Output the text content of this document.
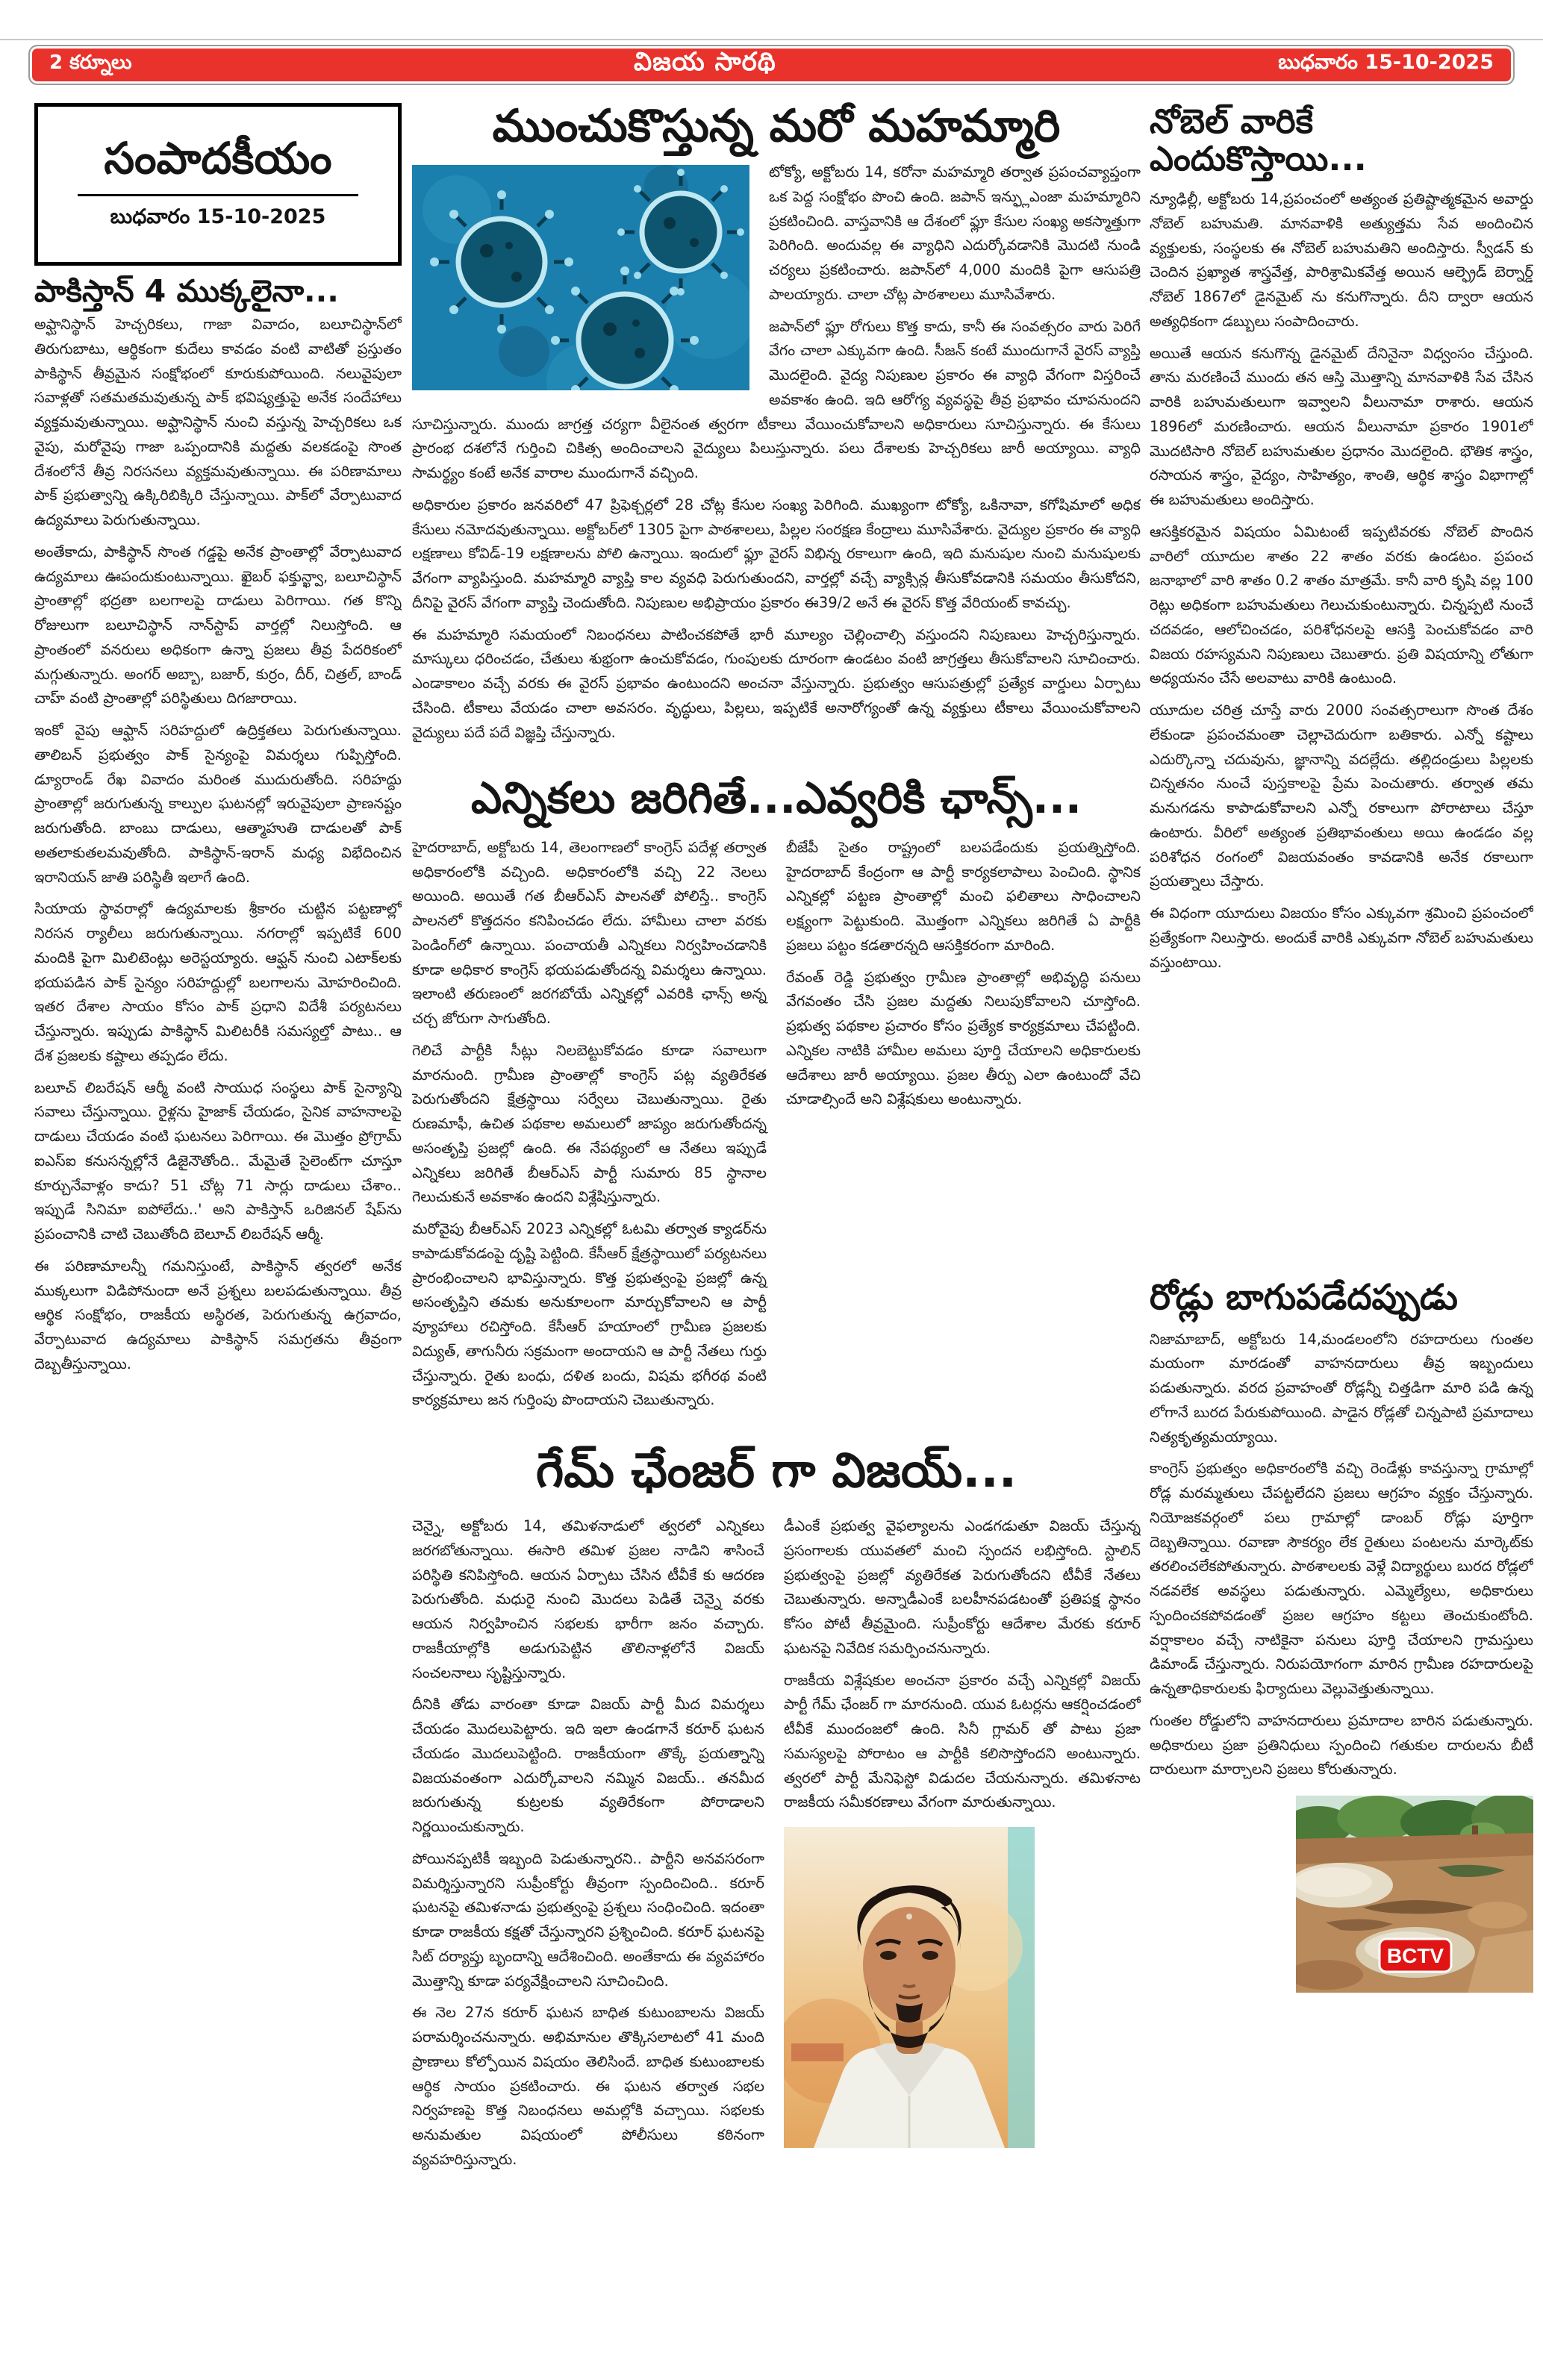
2 కర్నూలు	విజయ సారథి	బుధవారం 15-10-2025
సంపాదకీయం
బుధవారం 15-10-2025
పాకిస్తాన్ 4 ముక్కలైనా...

అఫ్ఘానిస్థాన్ హెచ్చరికలు, గాజా వివాదం, బలూచిస్థాన్‌లో తిరుగుబాటు, ఆర్థికంగా కుదేలు కావడం వంటి వాటితో ప్రస్తుతం పాకిస్థాన్ తీవ్రమైన సంక్షోభంలో కూరుకుపోయింది. నలువైపులా సవాళ్లతో సతమతమవుతున్న పాక్ భవిష్యత్తుపై అనేక సందేహాలు వ్యక్తమవుతున్నాయి. అఫ్ఘానిస్థాన్ నుంచి వస్తున్న హెచ్చరికలు ఒక వైపు, మరోవైపు గాజా ఒప్పందానికి మద్దతు వలకడంపై సొంత దేశంలోనే తీవ్ర నిరసనలు వ్యక్తమవుతున్నాయి. ఈ పరిణామాలు పాక్ ప్రభుత్వాన్ని ఉక్కిరిబిక్కిరి చేస్తున్నాయి. పాక్‌లో వేర్పాటువాద ఉద్యమాలు పెరుగుతున్నాయి.

అంతేకాదు, పాకిస్థాన్ సొంత గడ్డపై అనేక ప్రాంతాల్లో వేర్పాటువాద ఉద్యమాలు ఊపందుకుంటున్నాయి. ఖైబర్ ఫక్తున్ఖ్వా, బలూచిస్థాన్ ప్రాంతాల్లో భద్రతా బలగాలపై దాడులు పెరిగాయి. గత కొన్ని రోజులుగా బలూచిస్థాన్ నాన్‌స్టాప్ వార్తల్లో నిలుస్తోంది. ఆ ప్రాంతంలో వనరులు అధికంగా ఉన్నా ప్రజలు తీవ్ర పేదరికంలో మగ్గుతున్నారు. అంగర్ అబ్బా, బజార్, కుర్రం, దీర్, చిత్రల్, బాండ్ చాహ్ వంటి ప్రాంతాల్లో పరిస్థితులు దిగజారాయి.

ఇంకో వైపు ఆఫ్ఘాన్ సరిహద్దులో ఉద్రిక్తతలు పెరుగుతున్నాయి. తాలిబన్ ప్రభుత్వం పాక్ సైన్యంపై విమర్శలు గుప్పిస్తోంది. డ్యూరాండ్ రేఖ వివాదం మరింత ముదురుతోంది. సరిహద్దు ప్రాంతాల్లో జరుగుతున్న కాల్పుల ఘటనల్లో ఇరువైపులా ప్రాణనష్టం జరుగుతోంది. బాంబు దాడులు, ఆత్మాహుతి దాడులతో పాక్ అతలాకుతలమవుతోంది. పాకిస్థాన్-ఇరాన్ మధ్య విభేదించిన ఇరానియన్ జాతి పరిస్థితీ ఇలాగే ఉంది.

సియాయ స్థావరాల్లో ఉద్యమాలకు శ్రీకారం చుట్టిన పట్టణాల్లో నిరసన ర్యాలీలు జరుగుతున్నాయి. నగరాల్లో ఇప్పటికే 600 మందికి పైగా మిలిటెంట్లు అరెస్టయ్యారు. ఆఫ్ఘన్ నుంచి ఎటాక్‌లకు భయపడిన పాక్ సైన్యం సరిహద్దుల్లో బలగాలను మోహరించింది. ఇతర దేశాల సాయం కోసం పాక్ ప్రధాని విదేశీ పర్యటనలు చేస్తున్నారు. ఇప్పుడు పాకిస్థాన్ మిలిటరీకి సమస్యల్తో పాటు.. ఆ దేశ ప్రజలకు కష్టాలు తప్పడం లేదు.

బలూచ్ లిబరేషన్ ఆర్మీ వంటి సాయుధ సంస్థలు పాక్ సైన్యాన్ని సవాలు చేస్తున్నాయి. రైళ్లను హైజాక్ చేయడం, సైనిక వాహనాలపై దాడులు చేయడం వంటి ఘటనలు పెరిగాయి. ఈ మొత్తం ప్రోగ్రామ్ ఐఎస్ఐ కనుసన్నల్లోనే డిజైనౌతోంది.. మేమైతే సైలెంట్‌గా చూస్తూ కూర్చునేవాళ్లం కాదు? 51 చోట్ల 71 సార్లు దాడులు చేశాం.. ఇప్పుడే సినిమా ఐపోలేదు..' అని పాకిస్తాన్ ఒరిజినల్ షేప్‌ను ప్రపంచానికి చాటి చెబుతోంది బెలూచ్ లిబరేషన్ ఆర్మీ.

ఈ పరిణామాలన్నీ గమనిస్తుంటే, పాకిస్థాన్ త్వరలో అనేక ముక్కలుగా విడిపోనుందా అనే ప్రశ్నలు బలపడుతున్నాయి. తీవ్ర ఆర్థిక సంక్షోభం, రాజకీయ అస్థిరత, పెరుగుతున్న ఉగ్రవాదం, వేర్పాటువాద ఉద్యమాలు పాకిస్థాన్ సమగ్రతను తీవ్రంగా దెబ్బతీస్తున్నాయి.

ముంచుకొస్తున్న మరో మహమ్మారి

టోక్యో, అక్టోబరు 14, కరోనా మహమ్మారి తర్వాత ప్రపంచవ్యాప్తంగా ఒక పెద్ద సంక్షోభం పొంచి ఉంది. జపాన్ ఇన్ఫ్లుఎంజా మహమ్మారిని ప్రకటించింది. వాస్తవానికి ఆ దేశంలో ఫ్లూ కేసుల సంఖ్య అకస్మాత్తుగా పెరిగింది. అందువల్ల ఈ వ్యాధిని ఎదుర్కోవడానికి మొదటి నుండి చర్యలు ప్రకటించారు. జపాన్‌లో 4,000 మందికి పైగా ఆసుపత్రి పాలయ్యారు. చాలా చోట్ల పాఠశాలలు మూసివేశారు.

జపాన్‌లో ఫ్లూ రోగులు కొత్త కాదు, కానీ ఈ సంవత్సరం వారు పెరిగే వేగం చాలా ఎక్కువగా ఉంది. సీజన్ కంటే ముందుగానే వైరస్ వ్యాప్తి మొదలైంది. వైద్య నిపుణుల ప్రకారం ఈ వ్యాధి వేగంగా విస్తరించే అవకాశం ఉంది. ఇది ఆరోగ్య వ్యవస్థపై తీవ్ర ప్రభావం చూపనుందని సూచిస్తున్నారు. ముందు జాగ్రత్త చర్యగా వీలైనంత త్వరగా టీకాలు వేయించుకోవాలని అధికారులు సూచిస్తున్నారు. ఈ కేసులు ప్రారంభ దశలోనే గుర్తించి చికిత్స అందించాలని వైద్యులు పిలుస్తున్నారు. పలు దేశాలకు హెచ్చరికలు జారీ అయ్యాయి. వ్యాధి సామర్థ్యం కంటే అనేక వారాల ముందుగానే వచ్చింది.

అధికారుల ప్రకారం జనవరిలో 47 ప్రిఫెక్చర్లలో 28 చోట్ల కేసుల సంఖ్య పెరిగింది. ముఖ్యంగా టోక్యో, ఒకినావా, కగోషిమాలో అధిక కేసులు నమోదవుతున్నాయి. అక్టోబర్‌లో 1305 పైగా పాఠశాలలు, పిల్లల సంరక్షణ కేంద్రాలు మూసివేశారు. వైద్యుల ప్రకారం ఈ వ్యాధి లక్షణాలు కోవిడ్-19 లక్షణాలను పోలి ఉన్నాయి. ఇందులో ఫ్లూ వైరస్ విభిన్న రకాలుగా ఉంది, ఇది మనుషుల నుంచి మనుషులకు వేగంగా వ్యాపిస్తుంది. మహమ్మారి వ్యాప్తి కాల వ్యవధి పెరుగుతుందని, వార్తల్లో వచ్చే వ్యాక్సిన్ల తీసుకోవడానికి సమయం తీసుకోదని, దీనిపై వైరస్ వేగంగా వ్యాప్తి చెందుతోంది. నిపుణుల అభిప్రాయం ప్రకారం ఈ39/2 అనే ఈ వైరస్ కొత్త వేరియంట్ కావచ్చు.

ఈ మహమ్మారి సమయంలో నిబంధనలు పాటించకపోతే భారీ మూల్యం చెల్లించాల్సి వస్తుందని నిపుణులు హెచ్చరిస్తున్నారు. మాస్కులు ధరించడం, చేతులు శుభ్రంగా ఉంచుకోవడం, గుంపులకు దూరంగా ఉండటం వంటి జాగ్రత్తలు తీసుకోవాలని సూచించారు. ఎండాకాలం వచ్చే వరకు ఈ వైరస్ ప్రభావం ఉంటుందని అంచనా వేస్తున్నారు. ప్రభుత్వం ఆసుపత్రుల్లో ప్రత్యేక వార్డులు ఏర్పాటు చేసింది. టీకాలు వేయడం చాలా అవసరం. వృద్ధులు, పిల్లలు, ఇప్పటికే అనారోగ్యంతో ఉన్న వ్యక్తులు టీకాలు వేయించుకోవాలని వైద్యులు పదే పదే విజ్ఞప్తి చేస్తున్నారు.

ఎన్నికలు జరిగితే...ఎవ్వరికి ఛాన్స్...

హైదరాబాద్, అక్టోబరు 14, తెలంగాణలో కాంగ్రెస్ పదేళ్ల తర్వాత అధికారంలోకి వచ్చింది. అధికారంలోకి వచ్చి 22 నెలలు అయింది. అయితే గత బీఆర్ఎస్ పాలనతో పోలిస్తే.. కాంగ్రెస్ పాలనలో కొత్తదనం కనిపించడం లేదు. హామీలు చాలా వరకు పెండింగ్‌లో ఉన్నాయి. పంచాయతీ ఎన్నికలు నిర్వహించడానికి కూడా అధికార కాంగ్రెస్ భయపడుతోందన్న విమర్శలు ఉన్నాయి. ఇలాంటి తరుణంలో జరగబోయే ఎన్నికల్లో ఎవరికి ఛాన్స్ అన్న చర్చ జోరుగా సాగుతోంది.

గెలిచే పార్టీకి సీట్లు నిలబెట్టుకోవడం కూడా సవాలుగా మారనుంది. గ్రామీణ ప్రాంతాల్లో కాంగ్రెస్ పట్ల వ్యతిరేకత పెరుగుతోందని క్షేత్రస్థాయి సర్వేలు చెబుతున్నాయి. రైతు రుణమాఫీ, ఉచిత పథకాల అమలులో జాప్యం జరుగుతోందన్న అసంతృప్తి ప్రజల్లో ఉంది. ఈ నేపథ్యంలో ఆ నేతలు ఇప్పుడే ఎన్నికలు జరిగితే బీఆర్ఎస్ పార్టీ సుమారు 85 స్థానాల గెలుచుకునే అవకాశం ఉందని విశ్లేషిస్తున్నారు.

మరోవైపు బీఆర్ఎస్ 2023 ఎన్నికల్లో ఓటమి తర్వాత క్యాడర్‌ను కాపాడుకోవడంపై దృష్టి పెట్టింది. కేసీఆర్ క్షేత్రస్థాయిలో పర్యటనలు ప్రారంభించాలని భావిస్తున్నారు. కొత్త ప్రభుత్వంపై ప్రజల్లో ఉన్న అసంతృప్తిని తమకు అనుకూలంగా మార్చుకోవాలని ఆ పార్టీ వ్యూహాలు రచిస్తోంది. కేసీఆర్ హయాంలో గ్రామీణ ప్రజలకు విద్యుత్, తాగునీరు సక్రమంగా అందాయని ఆ పార్టీ నేతలు గుర్తు చేస్తున్నారు. రైతు బంధు, దళిత బందు, విషమ భగీరథ వంటి కార్యక్రమాలు జన గుర్తింపు పొందాయని చెబుతున్నారు.

బీజేపీ సైతం రాష్ట్రంలో బలపడేందుకు ప్రయత్నిస్తోంది. హైదరాబాద్ కేంద్రంగా ఆ పార్టీ కార్యకలాపాలు పెంచింది. స్థానిక ఎన్నికల్లో పట్టణ ప్రాంతాల్లో మంచి ఫలితాలు సాధించాలని లక్ష్యంగా పెట్టుకుంది. మొత్తంగా ఎన్నికలు జరిగితే ఏ పార్టీకి ప్రజలు పట్టం కడతారన్నది ఆసక్తికరంగా మారింది.

రేవంత్ రెడ్డి ప్రభుత్వం గ్రామీణ ప్రాంతాల్లో అభివృద్ధి పనులు వేగవంతం చేసి ప్రజల మద్దతు నిలుపుకోవాలని చూస్తోంది. ప్రభుత్వ పథకాల ప్రచారం కోసం ప్రత్యేక కార్యక్రమాలు చేపట్టింది. ఎన్నికల నాటికి హామీల అమలు పూర్తి చేయాలని అధికారులకు ఆదేశాలు జారీ అయ్యాయి. ప్రజల తీర్పు ఎలా ఉంటుందో వేచి చూడాల్సిందే అని విశ్లేషకులు అంటున్నారు.

గేమ్ ఛేంజర్ గా విజయ్...

చెన్నై, అక్టోబరు 14, తమిళనాడులో త్వరలో ఎన్నికలు జరగబోతున్నాయి. ఈసారి తమిళ ప్రజల నాడిని శాసించే పరిస్థితి కనిపిస్తోంది. ఆయన ఏర్పాటు చేసిన టీవీకే కు ఆదరణ పెరుగుతోంది. మధురై నుంచి మొదలు పెడితే చెన్నై వరకు ఆయన నిర్వహించిన సభలకు భారీగా జనం వచ్చారు. రాజకీయాల్లోకి అడుగుపెట్టిన తొలినాళ్లలోనే విజయ్ సంచలనాలు సృష్టిస్తున్నారు.

దీనికి తోడు వారంతా కూడా విజయ్ పార్టీ మీద విమర్శలు చేయడం మొదలుపెట్టారు. ఇది ఇలా ఉండగానే కరూర్ ఘటన చేయడం మొదలుపెట్టింది. రాజకీయంగా తొక్కే ప్రయత్నాన్ని విజయవంతంగా ఎదుర్కోవాలని నమ్మిన విజయ్.. తనమీద జరుగుతున్న కుట్రలకు వ్యతిరేకంగా పోరాడాలని నిర్ణయించుకున్నారు.

పోయినప్పటికీ ఇబ్బంది పెడుతున్నారని.. పార్టీని అనవసరంగా విమర్శిస్తున్నారని సుప్రీంకోర్టు తీవ్రంగా స్పందించింది.. కరూర్ ఘటనపై తమిళనాడు ప్రభుత్వంపై ప్రశ్నలు సంధించింది. ఇదంతా కూడా రాజకీయ కక్షతో చేస్తున్నారని ప్రశ్నించింది. కరూర్ ఘటనపై సిట్ దర్యాప్తు బృందాన్ని ఆదేశించింది. అంతేకాదు ఈ వ్యవహారం మొత్తాన్ని కూడా పర్యవేక్షించాలని సూచించింది.

ఈ నెల 27న కరూర్ ఘటన బాధిత కుటుంబాలను విజయ్ పరామర్శించనున్నారు. అభిమానుల తొక్కిసలాటలో 41 మంది ప్రాణాలు కోల్పోయిన విషయం తెలిసిందే. బాధిత కుటుంబాలకు ఆర్థిక సాయం ప్రకటించారు. ఈ ఘటన తర్వాత సభల నిర్వహణపై కొత్త నిబంధనలు అమల్లోకి వచ్చాయి. సభలకు అనుమతుల విషయంలో పోలీసులు కఠినంగా వ్యవహరిస్తున్నారు.

డీఎంకే ప్రభుత్వ వైఫల్యాలను ఎండగడుతూ విజయ్ చేస్తున్న ప్రసంగాలకు యువతలో మంచి స్పందన లభిస్తోంది. స్టాలిన్ ప్రభుత్వంపై ప్రజల్లో వ్యతిరేకత పెరుగుతోందని టీవీకే నేతలు చెబుతున్నారు. అన్నాడీఎంకే బలహీనపడటంతో ప్రతిపక్ష స్థానం కోసం పోటీ తీవ్రమైంది. సుప్రీంకోర్టు ఆదేశాల మేరకు కరూర్ ఘటనపై నివేదిక సమర్పించనున్నారు.

రాజకీయ విశ్లేషకుల అంచనా ప్రకారం వచ్చే ఎన్నికల్లో విజయ్ పార్టీ గేమ్ ఛేంజర్ గా మారనుంది. యువ ఓటర్లను ఆకర్షించడంలో టీవీకే ముందంజలో ఉంది. సినీ గ్లామర్ తో పాటు ప్రజా సమస్యలపై పోరాటం ఆ పార్టీకి కలిసొస్తోందని అంటున్నారు. త్వరలో పార్టీ మేనిఫెస్టో విడుదల చేయనున్నారు. తమిళనాట రాజకీయ సమీకరణాలు వేగంగా మారుతున్నాయి.

నోబెల్ వారికే ఎందుకొస్తాయి...

న్యూఢిల్లీ, అక్టోబరు 14,ప్రపంచంలో అత్యంత ప్రతిష్టాత్మకమైన అవార్డు నోబెల్ బహుమతి. మానవాళికి అత్యుత్తమ సేవ అందించిన వ్యక్తులకు, సంస్థలకు ఈ నోబెల్ బహుమతిని అందిస్తారు. స్వీడన్ కు చెందిన ప్రఖ్యాత శాస్త్రవేత్త, పారిశ్రామికవేత్త అయిన ఆల్ఫ్రెడ్ బెర్నార్డ్ నోబెల్ 1867లో డైనమైట్ ను కనుగొన్నారు. దీని ద్వారా ఆయన అత్యధికంగా డబ్బులు సంపాదించారు.

అయితే ఆయన కనుగొన్న డైనమైట్ దేనినైనా విధ్వంసం చేస్తుంది. తాను మరణించే ముందు తన ఆస్తి మొత్తాన్ని మానవాళికి సేవ చేసిన వారికి బహుమతులుగా ఇవ్వాలని వీలునామా రాశారు. ఆయన 1896లో మరణించారు. ఆయన వీలునామా ప్రకారం 1901లో మొదటిసారి నోబెల్ బహుమతుల ప్రధానం మొదలైంది. భౌతిక శాస్త్రం, రసాయన శాస్త్రం, వైద్యం, సాహిత్యం, శాంతి, ఆర్థిక శాస్త్రం విభాగాల్లో ఈ బహుమతులు అందిస్తారు.

ఆసక్తికరమైన విషయం ఏమిటంటే ఇప్పటివరకు నోబెల్ పొందిన వారిలో యూదుల శాతం 22 శాతం వరకు ఉండటం. ప్రపంచ జనాభాలో వారి శాతం 0.2 శాతం మాత్రమే. కానీ వారి కృషి వల్ల 100 రెట్లు అధికంగా బహుమతులు గెలుచుకుంటున్నారు. చిన్నప్పటి నుంచే చదవడం, ఆలోచించడం, పరిశోధనలపై ఆసక్తి పెంచుకోవడం వారి విజయ రహస్యమని నిపుణులు చెబుతారు. ప్రతి విషయాన్ని లోతుగా అధ్యయనం చేసే అలవాటు వారికి ఉంటుంది.

యూదుల చరిత్ర చూస్తే వారు 2000 సంవత్సరాలుగా సొంత దేశం లేకుండా ప్రపంచమంతా చెల్లాచెదురుగా బతికారు. ఎన్నో కష్టాలు ఎదుర్కొన్నా చదువును, జ్ఞానాన్ని వదల్లేదు. తల్లిదండ్రులు పిల్లలకు చిన్నతనం నుంచే పుస్తకాలపై ప్రేమ పెంచుతారు. తర్వాత తమ మనుగడను కాపాడుకోవాలని ఎన్నో రకాలుగా పోరాటాలు చేస్తూ ఉంటారు. వీరిలో అత్యంత ప్రతిభావంతులు అయి ఉండడం వల్ల పరిశోధన రంగంలో విజయవంతం కావడానికి అనేక రకాలుగా ప్రయత్నాలు చేస్తారు.

ఈ విధంగా యూదులు విజయం కోసం ఎక్కువగా శ్రమించి ప్రపంచంలో ప్రత్యేకంగా నిలుస్తారు. అందుకే వారికి ఎక్కువగా నోబెల్ బహుమతులు వస్తుంటాయి.

రోడ్లు బాగుపడేదప్పుడు

నిజామాబాద్, అక్టోబరు 14,మండలంలోని రహదారులు గుంతల మయంగా మారడంతో వాహనదారులు తీవ్ర ఇబ్బందులు పడుతున్నారు. వరద ప్రవాహంతో రోడ్లన్నీ చిత్తడిగా మారి పడి ఉన్న లోగానే బురద పేరుకుపోయింది. పాడైన రోడ్లతో చిన్నపాటి ప్రమాదాలు నిత్యకృత్యమయ్యాయి.

కాంగ్రెస్ ప్రభుత్వం అధికారంలోకి వచ్చి రెండేళ్లు కావస్తున్నా గ్రామాల్లో రోడ్ల మరమ్మతులు చేపట్టలేదని ప్రజలు ఆగ్రహం వ్యక్తం చేస్తున్నారు. నియోజకవర్గంలో పలు గ్రామాల్లో డాంబర్ రోడ్లు పూర్తిగా దెబ్బతిన్నాయి. రవాణా సౌకర్యం లేక రైతులు పంటలను మార్కెట్‌కు తరలించలేకపోతున్నారు. పాఠశాలలకు వెళ్లే విద్యార్థులు బురద రోడ్లలో నడవలేక అవస్థలు పడుతున్నారు. ఎమ్మెల్యేలు, అధికారులు స్పందించకపోవడంతో ప్రజల ఆగ్రహం కట్టలు తెంచుకుంటోంది. వర్షాకాలం వచ్చే నాటికైనా పనులు పూర్తి చేయాలని గ్రామస్తులు డిమాండ్ చేస్తున్నారు. నిరుపయోగంగా మారిన గ్రామీణ రహదారులపై ఉన్నతాధికారులకు ఫిర్యాదులు వెల్లువెత్తుతున్నాయి.

గుంతల రోడ్డులోని వాహనదారులు ప్రమాదాల బారిన పడుతున్నారు. అధికారులు ప్రజా ప్రతినిధులు స్పందించి గతుకుల దారులను బీటీ దారులుగా మార్చాలని ప్రజలు కోరుతున్నారు.

BCTV
